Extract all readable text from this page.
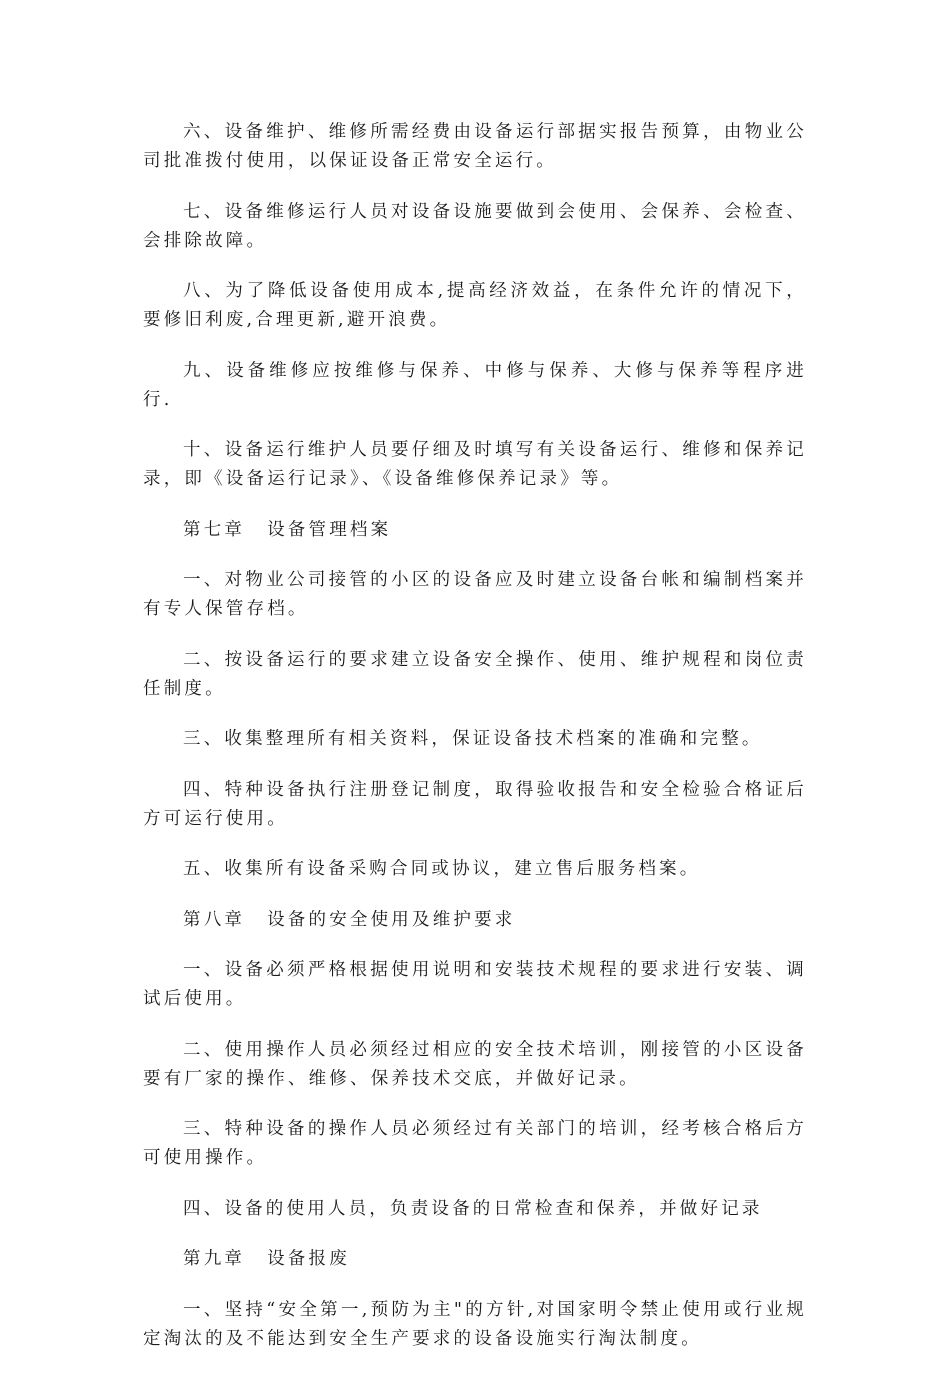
六、设备维护、维修所需经费由设备运行部据实报告预算，由物业公司批准拨付使用，以保证设备正常安全运行。

七、设备维修运行人员对设备设施要做到会使用、会保养、会检查、会排除故障。

八、为了降低设备使用成本,提高经济效益，在条件允许的情况下，要修旧利废,合理更新,避开浪费。

九、设备维修应按维修与保养、中修与保养、大修与保养等程序进行.

十、设备运行维护人员要仔细及时填写有关设备运行、维修和保养记录，即《设备运行记录》、《设备维修保养记录》等。

第七章 设备管理档案

一、对物业公司接管的小区的设备应及时建立设备台帐和编制档案并有专人保管存档。

二、按设备运行的要求建立设备安全操作、使用、维护规程和岗位责任制度。

三、收集整理所有相关资料，保证设备技术档案的准确和完整。

四、特种设备执行注册登记制度，取得验收报告和安全检验合格证后方可运行使用。

五、收集所有设备采购合同或协议，建立售后服务档案。

第八章 设备的安全使用及维护要求

一、设备必须严格根据使用说明和安装技术规程的要求进行安装、调试后使用。

二、使用操作人员必须经过相应的安全技术培训，刚接管的小区设备要有厂家的操作、维修、保养技术交底，并做好记录。

三、特种设备的操作人员必须经过有关部门的培训，经考核合格后方可使用操作。

四、设备的使用人员，负责设备的日常检查和保养，并做好记录

第九章 设备报废

一、坚持“安全第一,预防为主"的方针,对国家明令禁止使用或行业规定淘汰的及不能达到安全生产要求的设备设施实行淘汰制度。
